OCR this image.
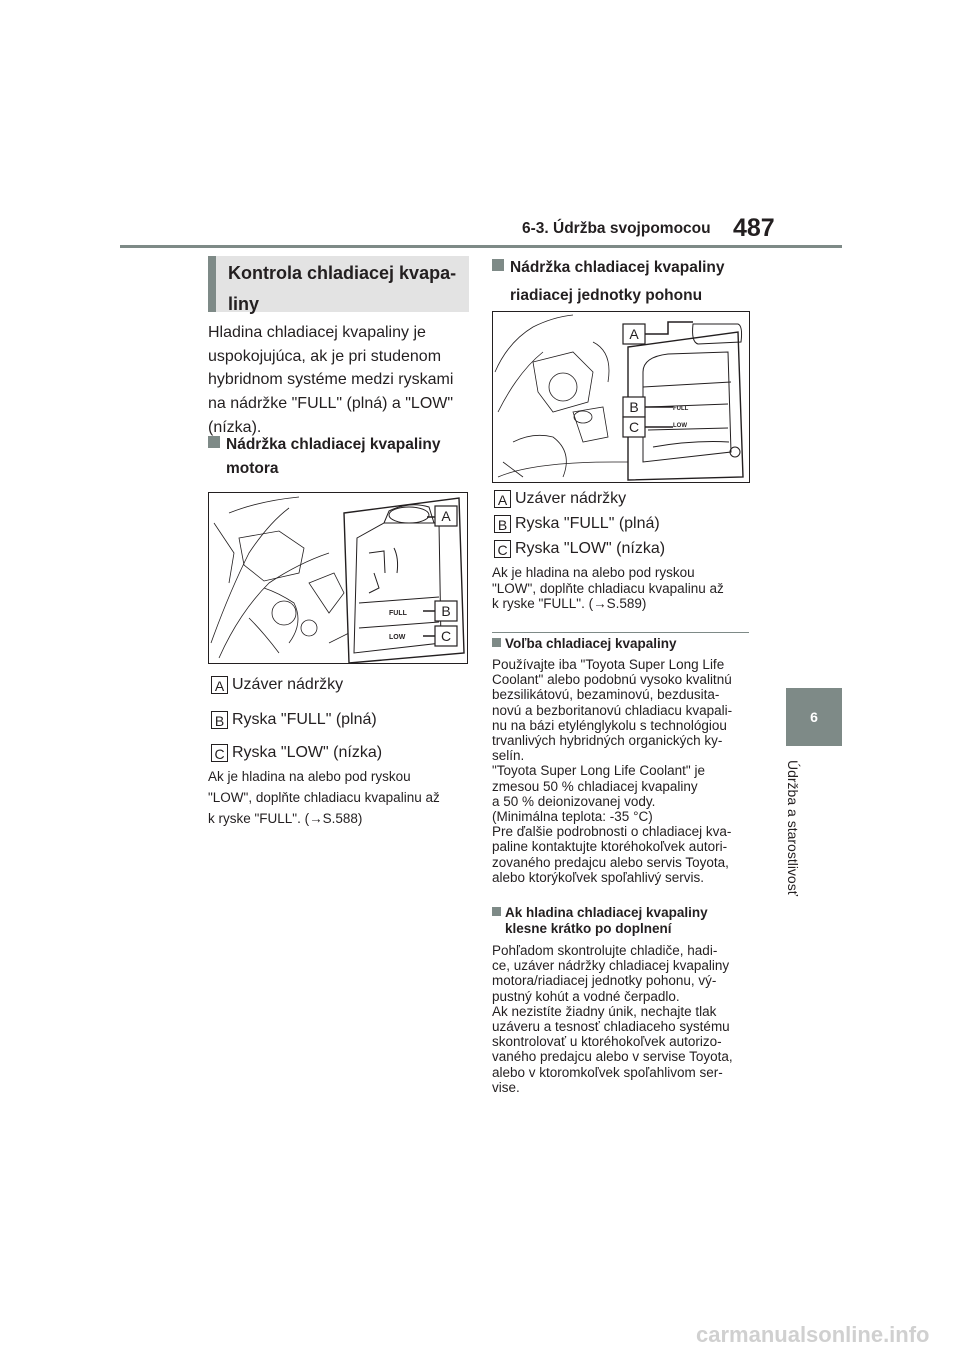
6-3. Údržba svojpomocou 487
6
Údržba a starostlivosť
Kontrola chladiacej kvapa-
liny
Hladina chladiacej kvapaliny je
uspokojujúca, ak je pri studenom
hybridnom systéme medzi ryskami
na nádržke "FULL" (plná) a "LOW"
(nízka).
Nádržka chladiacej kvapaliny
motora
FULL
LOW
A
B
C
A Uzáver nádržky
B Ryska "FULL" (plná)
C Ryska "LOW" (nízka)
Ak je hladina na alebo pod ryskou
"LOW", doplňte chladiacu kvapalinu až
k ryske "FULL". (→S.588)
Nádržka chladiacej kvapaliny
riadiacej jednotky pohonu
FULL
LOW
A
B
C
A Uzáver nádržky
B Ryska "FULL" (plná)
C Ryska "LOW" (nízka)
Ak je hladina na alebo pod ryskou
"LOW", doplňte chladiacu kvapalinu až
k ryske "FULL". (→S.589)
Voľba chladiacej kvapaliny
Používajte iba "Toyota Super Long Life
Coolant" alebo podobnú vysoko kvalitnú
bezsilikátovú, bezaminovú, bezdusita-
novú a bezboritanovú chladiacu kvapali-
nu na bázi etylénglykolu s technológiou
trvanlivých hybridných organických ky-
selín.
"Toyota Super Long Life Coolant" je
zmesou 50 % chladiacej kvapaliny
a 50 % deionizovanej vody.
(Minimálna teplota: -35 °C)
Pre ďalšie podrobnosti o chladiacej kva-
paline kontaktujte ktoréhokoľvek autori-
zovaného predajcu alebo servis Toyota,
alebo ktorýkoľvek spoľahlivý servis.
Ak hladina chladiacej kvapaliny
klesne krátko po doplnení
Pohľadom skontrolujte chladiče, hadi-
ce, uzáver nádržky chladiacej kvapaliny
motora/riadiacej jednotky pohonu, vý-
pustný kohút a vodné čerpadlo.
Ak nezistíte žiadny únik, nechajte tlak
uzáveru a tesnosť chladiaceho systému
skontrolovať u ktoréhokoľvek autorizo-
vaného predajcu alebo v servise Toyota,
alebo v ktoromkoľvek spoľahlivom ser-
vise.
carmanualsonline.info
